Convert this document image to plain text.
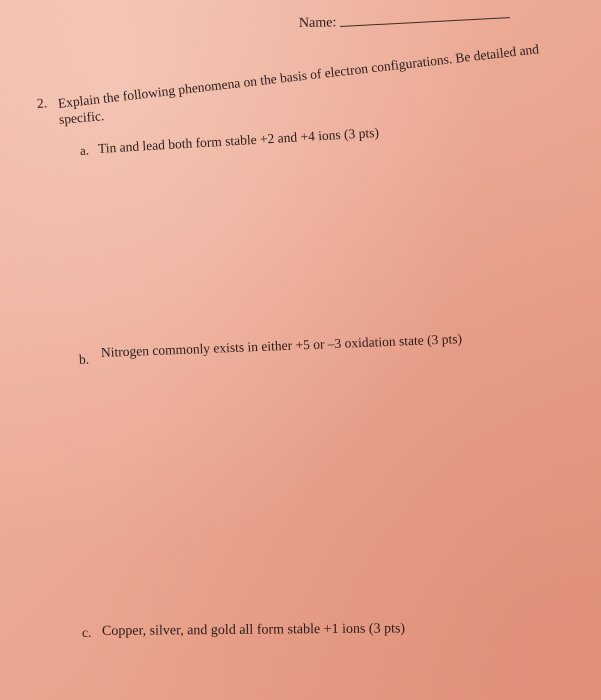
Name:
2. Explain the following phenomena on the basis of electron configurations. Be detailed and
specific.
a. Tin and lead both form stable +2 and +4 ions (3 pts)
b. Nitrogen commonly exists in either +5 or –3 oxidation state (3 pts)
c. Copper, silver, and gold all form stable +1 ions (3 pts)
